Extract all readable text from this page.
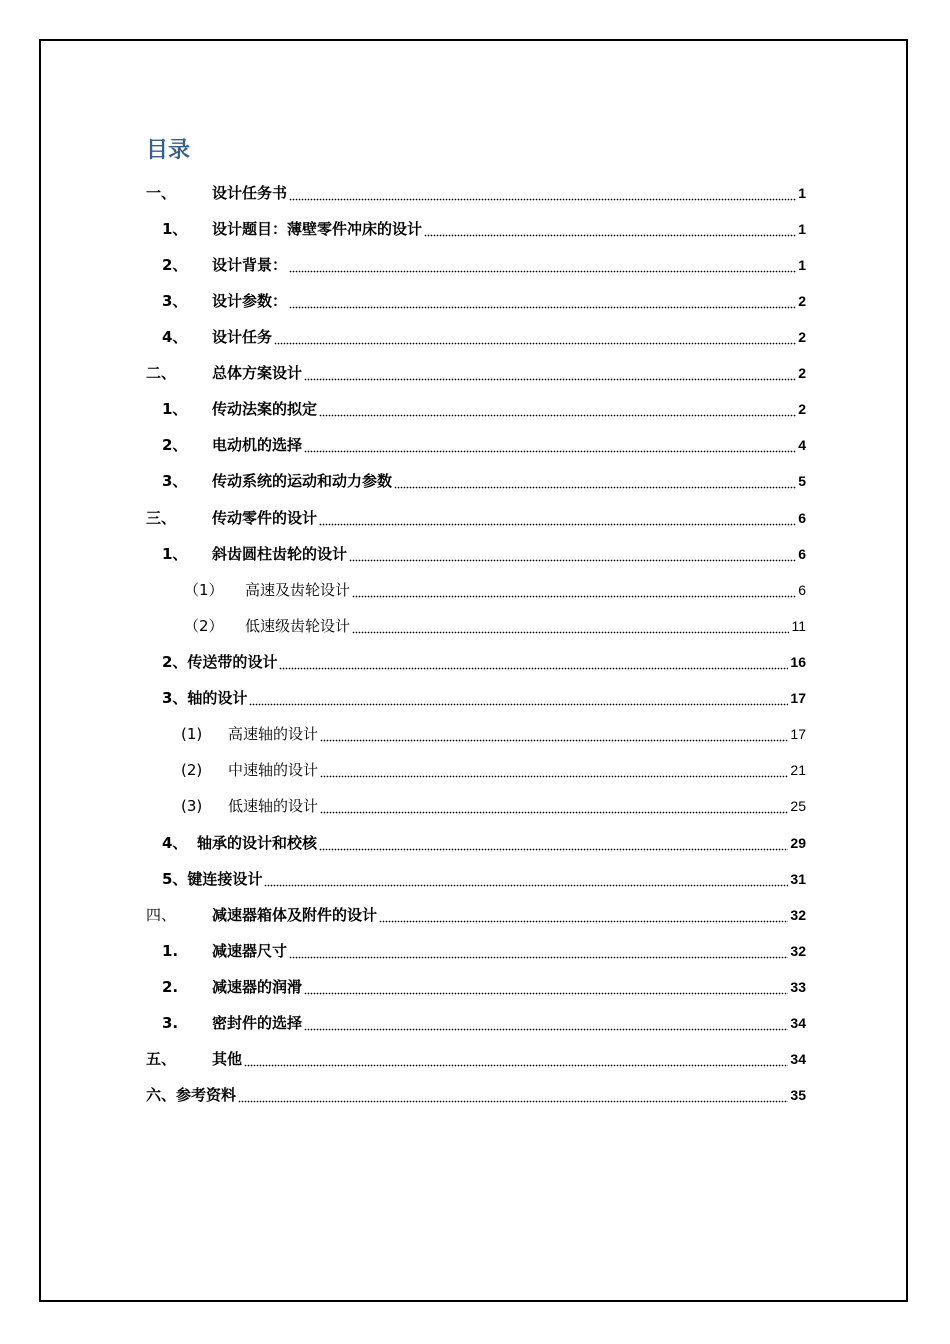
目录
一、	设计任务书	1
1、	设计题目：薄壁零件冲床的设计	1
2、	设计背景：	1
3、	设计参数：	2
4、	设计任务	2
二、	总体方案设计	2
1、	传动法案的拟定	2
2、	电动机的选择	4
3、	传动系统的运动和动力参数	5
三、	传动零件的设计	6
1、	斜齿圆柱齿轮的设计	6
（1）	高速及齿轮设计	6
（2）	低速级齿轮设计	11
2、传送带的设计	16
3、轴的设计	17
(1)	高速轴的设计	17
(2)	中速轴的设计	21
(3)	低速轴的设计	25
4、 轴承的设计和校核	29
5、键连接设计	31
四、	减速器箱体及附件的设计	32
1.	减速器尺寸	32
2.	减速器的润滑	33
3.	密封件的选择	34
五、	其他	34
六、参考资料	35
